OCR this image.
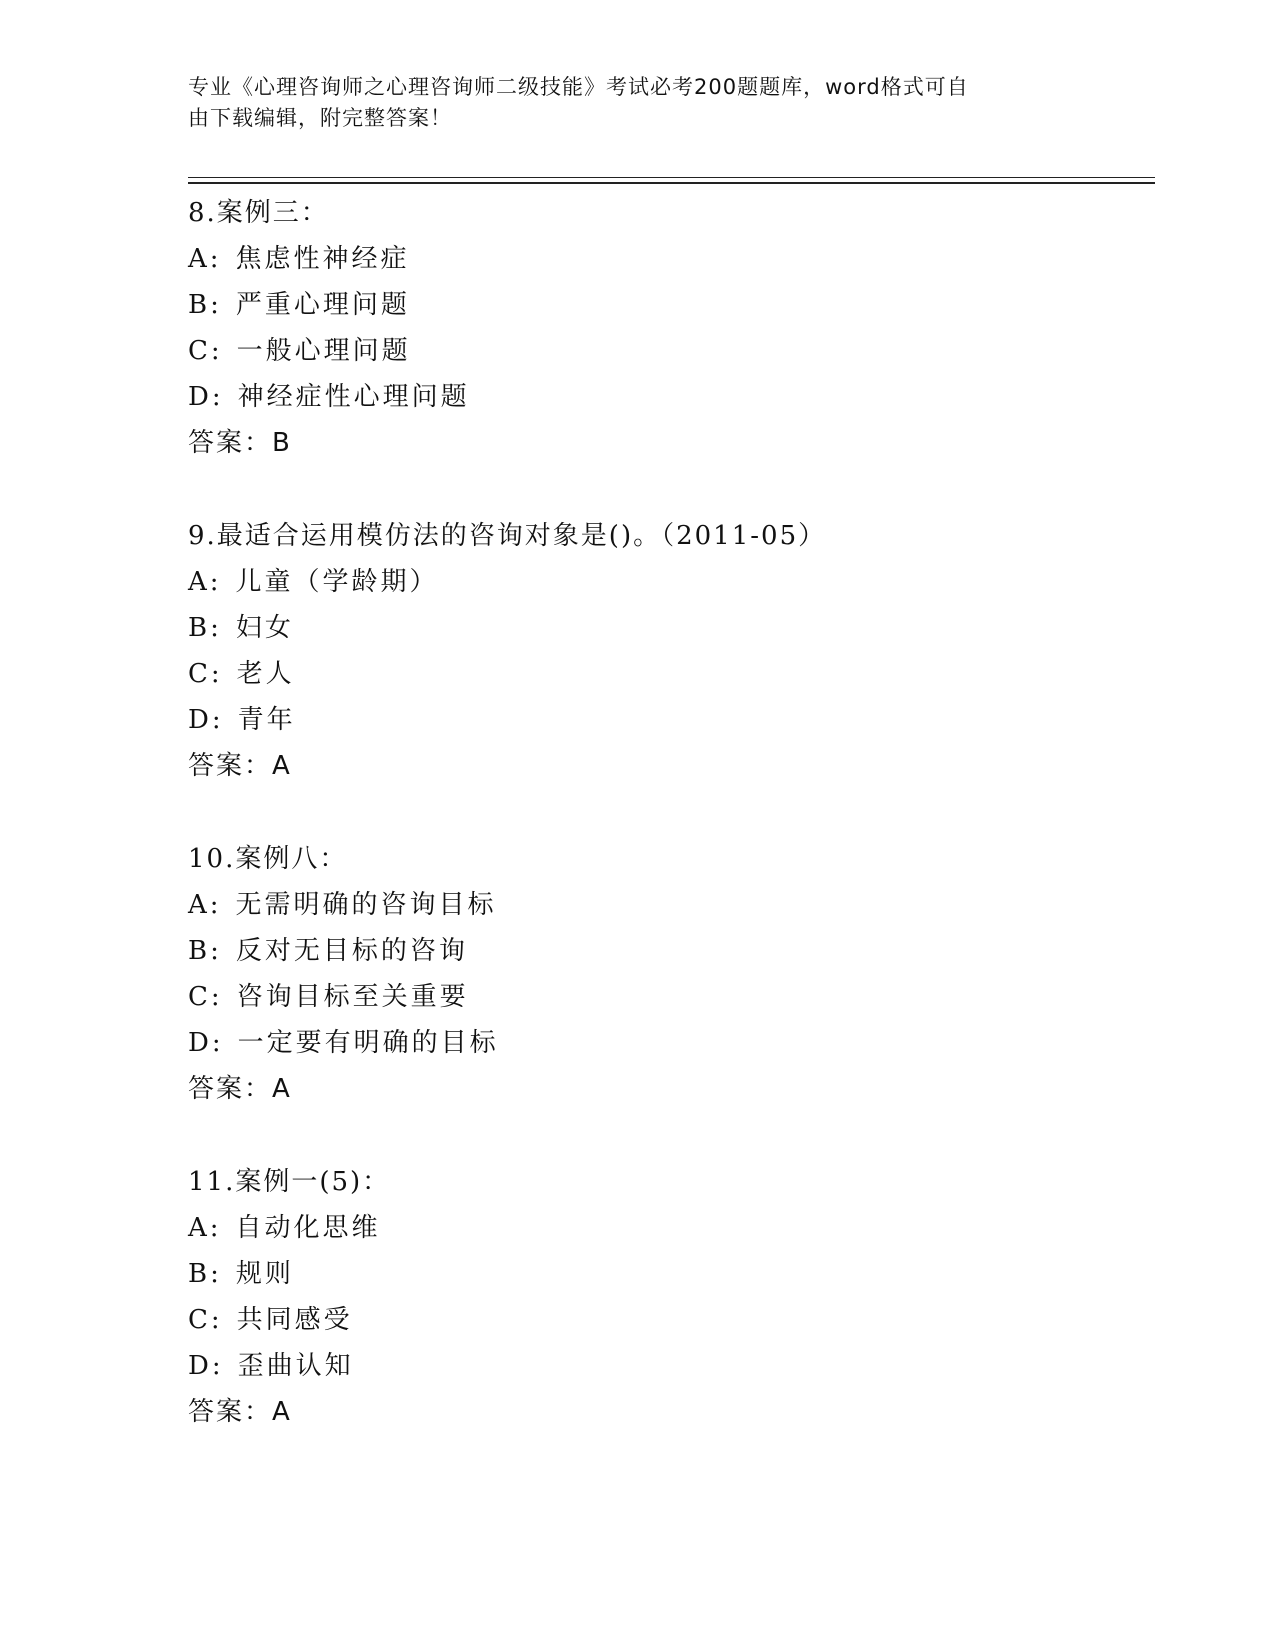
专业《心理咨询师之心理咨询师二级技能》考试必考200题题库，word格式可自
由下载编辑，附完整答案！
8.案例三：
A: 焦虑性神经症
B: 严重心理问题
C: 一般心理问题
D: 神经症性心理问题
答案：B
9.最适合运用模仿法的咨询对象是()。（2011-05）
A: 儿童（学龄期）
B: 妇女
C: 老人
D: 青年
答案：A
10.案例八：
A: 无需明确的咨询目标
B: 反对无目标的咨询
C: 咨询目标至关重要
D: 一定要有明确的目标
答案：A
11.案例一(5)：
A: 自动化思维
B: 规则
C: 共同感受
D: 歪曲认知
答案：A
